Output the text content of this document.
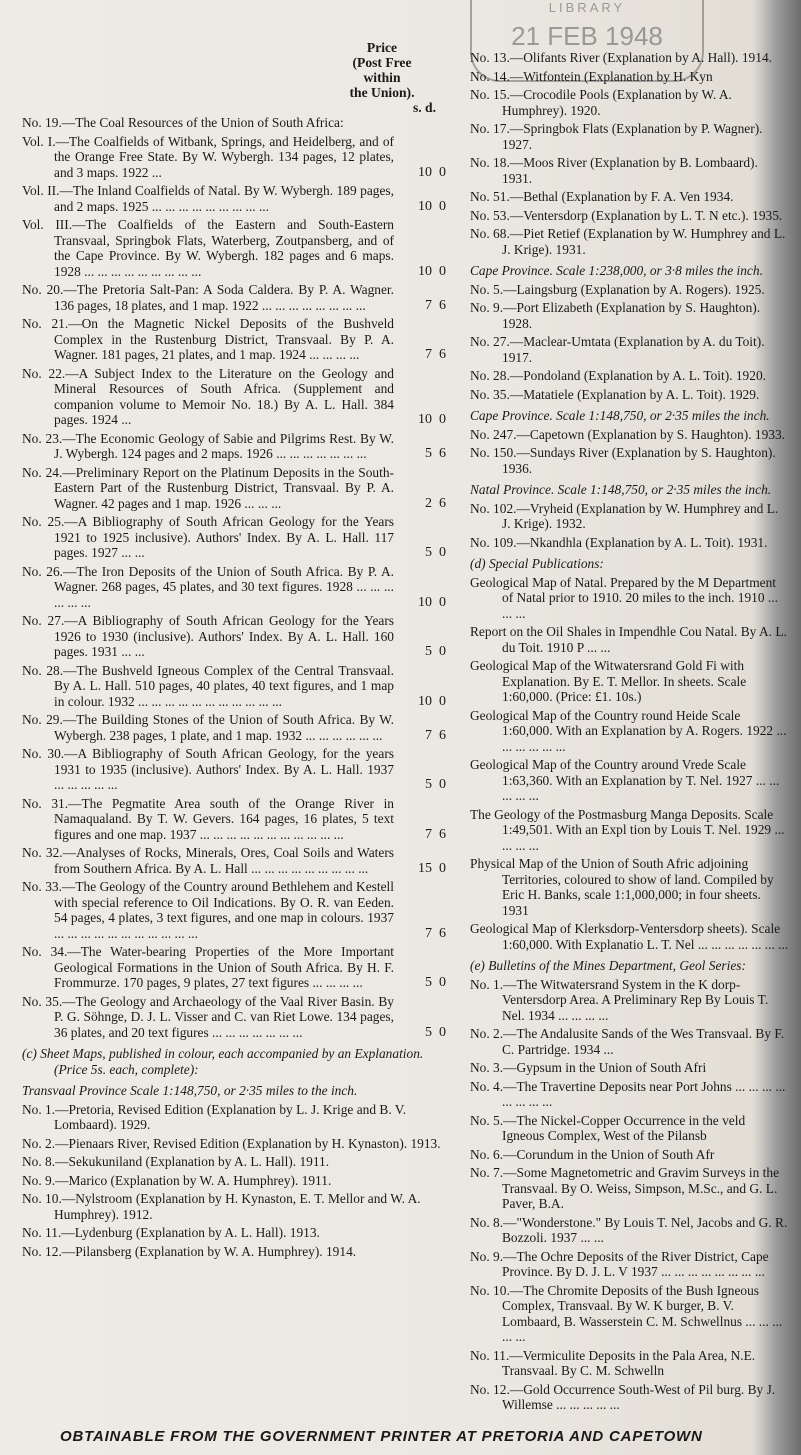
LIBRARY
21 FEB 1948
Price
(Post Free
within
the Union).
s. d.
No. 19.—The Coal Resources of the Union of South Africa:
Vol. I.—The Coalfields of Witbank, Springs, and Heidelberg, and of the Orange Free State. By W. Wybergh. 134 pages, 12 plates, and 3 maps. 1922 ...	10  0
Vol. II.—The Inland Coalfields of Natal. By W. Wybergh. 189 pages, and 2 maps. 1925 ... ... ... ... ... ... ... ... ...	10  0
Vol. III.—The Coalfields of the Eastern and South-Eastern Transvaal, Springbok Flats, Waterberg, Zoutpansberg, and of the Cape Province. By W. Wybergh. 182 pages and 6 maps. 1928 ... ... ... ... ... ... ... ... ...	10  0
No. 20.—The Pretoria Salt-Pan: A Soda Caldera. By P. A. Wagner. 136 pages, 18 plates, and 1 map. 1922 ... ... ... ... ... ... ... ...	7  6
No. 21.—On the Magnetic Nickel Deposits of the Bushveld Complex in the Rustenburg District, Transvaal. By P. A. Wagner. 181 pages, 21 plates, and 1 map. 1924 ... ... ... ...	7  6
No. 22.—A Subject Index to the Literature on the Geology and Mineral Resources of South Africa. (Supplement and companion volume to Memoir No. 18.) By A. L. Hall. 384 pages. 1924 ...	10  0
No. 23.—The Economic Geology of Sabie and Pilgrims Rest. By W. J. Wybergh. 124 pages and 2 maps. 1926 ... ... ... ... ... ... ...	5  6
No. 24.—Preliminary Report on the Platinum Deposits in the South-Eastern Part of the Rustenburg District, Transvaal. By P. A. Wagner. 42 pages and 1 map. 1926 ... ... ...	2  6
No. 25.—A Bibliography of South African Geology for the Years 1921 to 1925 inclusive). Authors' Index. By A. L. Hall. 117 pages. 1927 ... ...	5  0
No. 26.—The Iron Deposits of the Union of South Africa. By P. A. Wagner. 268 pages, 45 plates, and 30 text figures. 1928 ... ... ... ... ... ...	10  0
No. 27.—A Bibliography of South African Geology for the Years 1926 to 1930 (inclusive). Authors' Index. By A. L. Hall. 160 pages. 1931 ... ...	5  0
No. 28.—The Bushveld Igneous Complex of the Central Transvaal. By A. L. Hall. 510 pages, 40 plates, 40 text figures, and 1 map in colour. 1932 ... ... ... ... ... ... ... ... ... ... ...	10  0
No. 29.—The Building Stones of the Union of South Africa. By W. Wybergh. 238 pages, 1 plate, and 1 map. 1932 ... ... ... ... ... ...	7  6
No. 30.—A Bibliography of South African Geology, for the years 1931 to 1935 (inclusive). Authors' Index. By A. L. Hall. 1937 ... ... ... ... ...	5  0
No. 31.—The Pegmatite Area south of the Orange River in Namaqualand. By T. W. Gevers. 164 pages, 16 plates, 5 text figures and one map. 1937 ... ... ... ... ... ... ... ... ... ... ...	7  6
No. 32.—Analyses of Rocks, Minerals, Ores, Coal Soils and Waters from Southern Africa. By A. L. Hall ... ... ... ... ... ... ... ... ...	15  0
No. 33.—The Geology of the Country around Bethlehem and Kestell with special reference to Oil Indications. By O. R. van Eeden. 54 pages, 4 plates, 3 text figures, and one map in colours. 1937 ... ... ... ... ... ... ... ... ... ... ...	7  6
No. 34.—The Water-bearing Properties of the More Important Geological Formations in the Union of South Africa. By H. F. Frommurze. 170 pages, 9 plates, 27 text figures ... ... ... ...	5  0
No. 35.—The Geology and Archaeology of the Vaal River Basin. By P. G. Söhnge, D. J. L. Visser and C. van Riet Lowe. 134 pages, 36 plates, and 20 text figures ... ... ... ... ... ... ...	5  0
(c) Sheet Maps, published in colour, each accompanied by an Explanation. (Price 5s. each, complete):
Transvaal Province Scale 1:148,750, or 2·35 miles to the inch.
No. 1.—Pretoria, Revised Edition (Explanation by L. J. Krige and B. V. Lombaard). 1929.
No. 2.—Pienaars River, Revised Edition (Explanation by H. Kynaston). 1913.
No. 8.—Sekukuniland (Explanation by A. L. Hall). 1911.
No. 9.—Marico (Explanation by W. A. Humphrey). 1911.
No. 10.—Nylstroom (Explanation by H. Kynaston, E. T. Mellor and W. A. Humphrey). 1912.
No. 11.—Lydenburg (Explanation by A. L. Hall). 1913.
No. 12.—Pilansberg (Explanation by W. A. Humphrey). 1914.
No. 13.—Olifants River (Explanation by A. Hall). 1914.
No. 14.—Witfontein (Explanation by H. Kyn
No. 15.—Crocodile Pools (Explanation by W. A. Humphrey). 1920.
No. 17.—Springbok Flats (Explanation by P. Wagner). 1927.
No. 18.—Moos River (Explanation by B. Lombaard). 1931.
No. 51.—Bethal (Explanation by F. A. Ven 1934.
No. 53.—Ventersdorp (Explanation by L. T. N etc.). 1935.
No. 68.—Piet Retief (Explanation by W. Humphrey and L. J. Krige). 1931.
Cape Province. Scale 1:238,000, or 3·8 miles the inch.
No. 5.—Laingsburg (Explanation by A. Rogers). 1925.
No. 9.—Port Elizabeth (Explanation by S. Haughton). 1928.
No. 27.—Maclear-Umtata (Explanation by A. du Toit). 1917.
No. 28.—Pondoland (Explanation by A. L. Toit). 1920.
No. 35.—Matatiele (Explanation by A. L. Toit). 1929.
Cape Province. Scale 1:148,750, or 2·35 miles the inch.
No. 247.—Capetown (Explanation by S. Haughton). 1933.
No. 150.—Sundays River (Explanation by S. Haughton). 1936.
Natal Province. Scale 1:148,750, or 2·35 miles the inch.
No. 102.—Vryheid (Explanation by W. Humphrey and L. J. Krige). 1932.
No. 109.—Nkandhla (Explanation by A. L. Toit). 1931.
(d) Special Publications:
Geological Map of Natal. Prepared by the M Department of Natal prior to 1910. 20 miles to the inch. 1910 ... ... ...
Report on the Oil Shales in Impendhle Cou Natal. By A. L. du Toit. 1910 P ... ...
Geological Map of the Witwatersrand Gold Fi with Explanation. By E. T. Mellor. In sheets. Scale 1:60,000. (Price: £1. 10s.)
Geological Map of the Country round Heide Scale 1:60,000. With an Explanation by A. Rogers. 1922 ... ... ... ... ... ...
Geological Map of the Country around Vrede Scale 1:63,360. With an Explanation by T. Nel. 1927 ... ... ... ... ...
The Geology of the Postmasburg Manga Deposits. Scale 1:49,501. With an Expl tion by Louis T. Nel. 1929 ... ... ... ...
Physical Map of the Union of South Afric adjoining Territories, coloured to show of land. Compiled by Eric H. Banks, scale 1:1,000,000; in four sheets. 1931
Geological Map of Klerksdorp-Ventersdorp sheets). Scale 1:60,000. With Explanatio L. T. Nel ... ... ... ... ... ... ...
(e) Bulletins of the Mines Department, Geol Series:
No. 1.—The Witwatersrand System in the K dorp-Ventersdorp Area. A Preliminary Rep By Louis T. Nel. 1934 ... ... ... ...
No. 2.—The Andalusite Sands of the Wes Transvaal. By F. C. Partridge. 1934 ...
No. 3.—Gypsum in the Union of South Afri
No. 4.—The Travertine Deposits near Port Johns ... ... ... ... ... ... ... ...
No. 5.—The Nickel-Copper Occurrence in the veld Igneous Complex, West of the Pilansb
No. 6.—Corundum in the Union of South Afr
No. 7.—Some Magnetometric and Gravim Surveys in the Transvaal. By O. Weiss, Simpson, M.Sc., and G. L. Paver, B.A.
No. 8.—"Wonderstone." By Louis T. Nel, Jacobs and G. R. Bozzoli. 1937 ... ...
No. 9.—The Ochre Deposits of the River District, Cape Province. By D. J. L. V 1937 ... ... ... ... ... ... ... ...
No. 10.—The Chromite Deposits of the Bush Igneous Complex, Transvaal. By W. K burger, B. V. Lombaard, B. Wasserstein C. M. Schwellnus ... ... ... ... ...
No. 11.—Vermiculite Deposits in the Pala Area, N.E. Transvaal. By C. M. Schwelln
No. 12.—Gold Occurrence South-West of Pil burg. By J. Willemse ... ... ... ... ...
OBTAINABLE FROM THE GOVERNMENT PRINTER AT PRETORIA AND CAPETOWN
